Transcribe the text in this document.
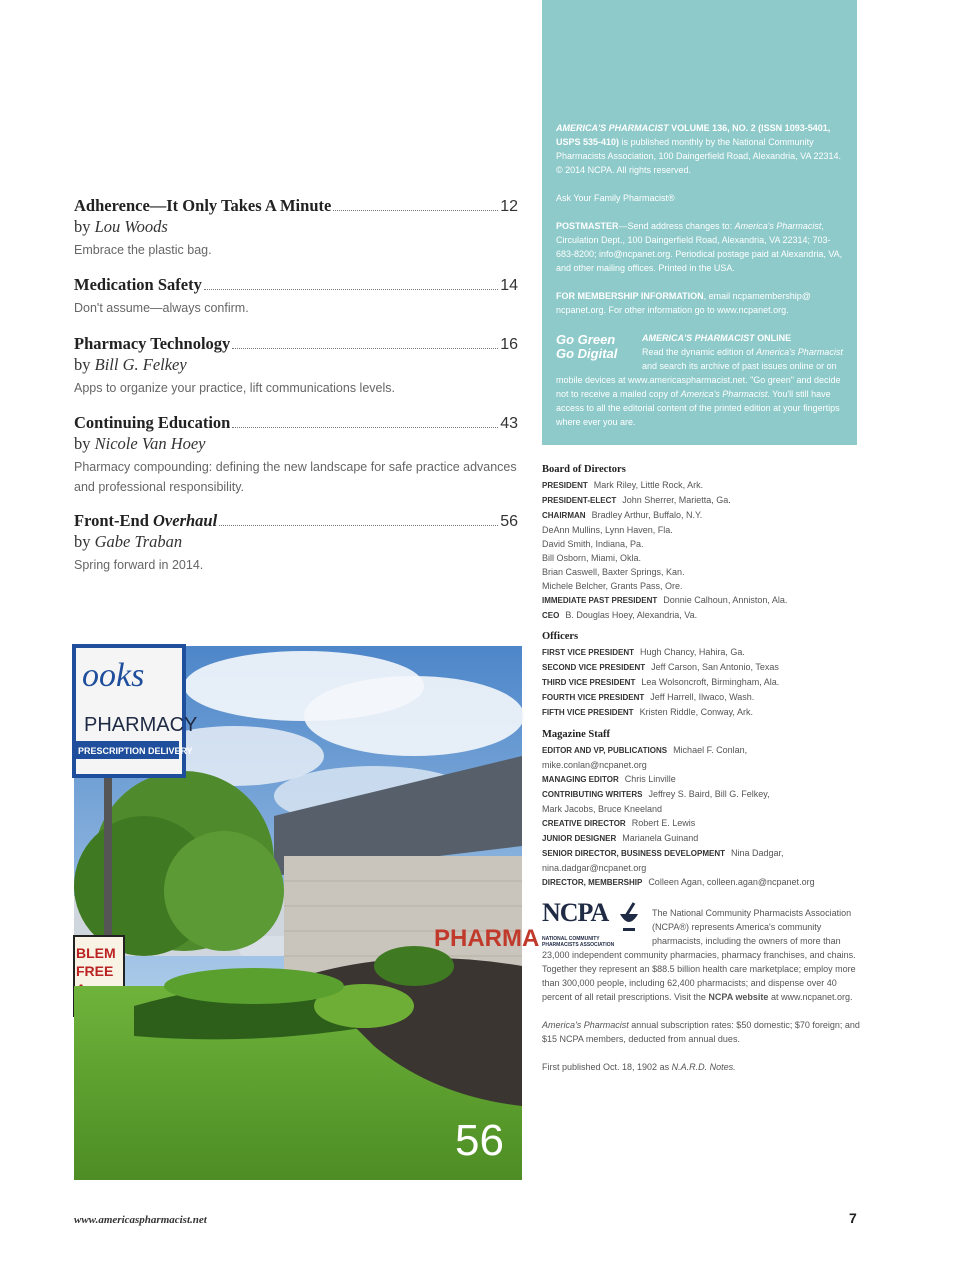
Adherence—It Only Takes A Minute	12
by Lou Woods
Embrace the plastic bag.
Medication Safety	14
Don't assume—always confirm.
Pharmacy Technology	16
by Bill G. Felkey
Apps to organize your practice, lift communications levels.
Continuing Education	43
by Nicole Van Hoey
Pharmacy compounding: defining the new landscape for safe practice advances and professional responsibility.
Front-End Overhaul	56
by Gabe Traban
Spring forward in 2014.
PHARMA
ooks
PHARMACY
PRESCRIPTION DELIVERY
BLEM
FREE
56

AMERICA'S PHARMACIST VOLUME 136, NO. 2 (ISSN 1093-5401, USPS 535-410) is published monthly by the National Community Pharmacists Association, 100 Daingerfield Road, Alexandria, VA 22314. © 2014 NCPA. All rights reserved.

Ask Your Family Pharmacist®

POSTMASTER—Send address changes to: America's Pharmacist, Circulation Dept., 100 Daingerfield Road, Alexandria, VA 22314; 703-683-8200; info@ncpanet.org. Periodical postage paid at Alexandria, VA, and other mailing offices. Printed in the USA.

FOR MEMBERSHIP INFORMATION, email ncpamembership@ ncpanet.org. For other information go to www.ncpanet.org.

Go Green
Go Digital
AMERICA'S PHARMACIST ONLINE
Read the dynamic edition of America's Pharmacist and search its archive of past issues online or on mobile devices at www.americaspharmacist.net. "Go green" and decide not to receive a mailed copy of America's Pharmacist. You'll still have access to all the editorial content of the printed edition at your fingertips where ever you are.
Board of Directors
PRESIDENT Mark Riley, Little Rock, Ark.
PRESIDENT-ELECT John Sherrer, Marietta, Ga.
CHAIRMAN Bradley Arthur, Buffalo, N.Y.
DeAnn Mullins, Lynn Haven, Fla.
David Smith, Indiana, Pa.
Bill Osborn, Miami, Okla.
Brian Caswell, Baxter Springs, Kan.
Michele Belcher, Grants Pass, Ore.
IMMEDIATE PAST PRESIDENT Donnie Calhoun, Anniston, Ala.
CEO B. Douglas Hoey, Alexandria, Va.
Officers
FIRST VICE PRESIDENT Hugh Chancy, Hahira, Ga.
SECOND VICE PRESIDENT Jeff Carson, San Antonio, Texas
THIRD VICE PRESIDENT Lea Wolsoncroft, Birmingham, Ala.
FOURTH VICE PRESIDENT Jeff Harrell, Ilwaco, Wash.
FIFTH VICE PRESIDENT Kristen Riddle, Conway, Ark.
Magazine Staff
EDITOR AND VP, PUBLICATIONS Michael F. Conlan,
mike.conlan@ncpanet.org
MANAGING EDITOR Chris Linville
CONTRIBUTING WRITERS Jeffrey S. Baird, Bill G. Felkey,
Mark Jacobs, Bruce Kneeland
CREATIVE DIRECTOR Robert E. Lewis
JUNIOR DESIGNER Marianela Guinand
SENIOR DIRECTOR, BUSINESS DEVELOPMENT Nina Dadgar,
nina.dadgar@ncpanet.org
DIRECTOR, MEMBERSHIP Colleen Agan, colleen.agan@ncpanet.org
NCPA
NATIONAL COMMUNITY
PHARMACISTS ASSOCIATION

The National Community Pharmacists Association (NCPA®) represents America's community pharmacists, including the owners of more than 23,000 independent community pharmacies, pharmacy franchises, and chains. Together they represent an $88.5 billion health care marketplace; employ more than 300,000 people, including 62,400 pharmacists; and dispense over 40 percent of all retail prescriptions. Visit the NCPA website at www.ncpanet.org.

America's Pharmacist annual subscription rates: $50 domestic; $70 foreign; and $15 NCPA members, deducted from annual dues.

First published Oct. 18, 1902 as N.A.R.D. Notes.

www.americaspharmacist.net	7
